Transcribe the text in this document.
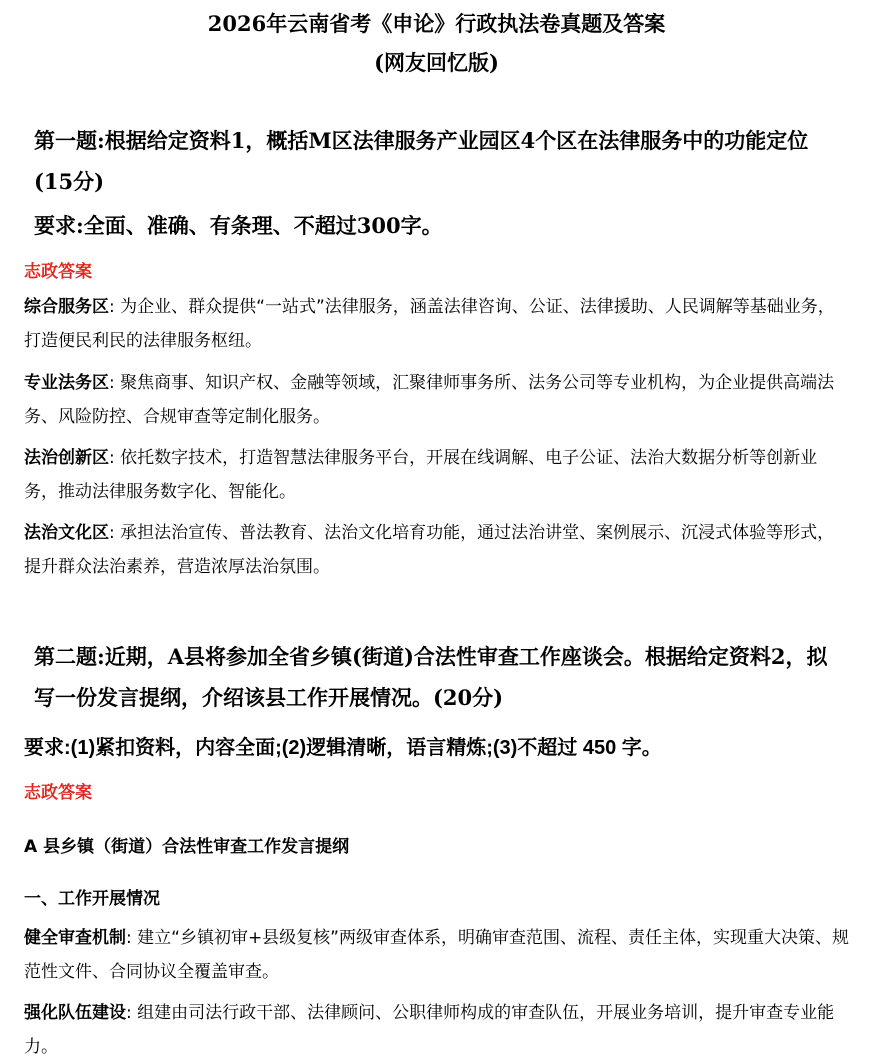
2026年云南省考《申论》行政执法卷真题及答案
(网友回忆版)
第一题:根据给定资料1，概括M区法律服务产业园区4个区在法律服务中的功能定位(15分)
要求:全面、准确、有条理、不超过300字。
志政答案
综合服务区: 为企业、群众提供“一站式”法律服务，涵盖法律咨询、公证、法律援助、人民调解等基础业务，打造便民利民的法律服务枢纽。
专业法务区: 聚焦商事、知识产权、金融等领域，汇聚律师事务所、法务公司等专业机构，为企业提供高端法务、风险防控、合规审查等定制化服务。
法治创新区: 依托数字技术，打造智慧法律服务平台，开展在线调解、电子公证、法治大数据分析等创新业务，推动法律服务数字化、智能化。
法治文化区: 承担法治宣传、普法教育、法治文化培育功能，通过法治讲堂、案例展示、沉浸式体验等形式，提升群众法治素养，营造浓厚法治氛围。
第二题:近期，A县将参加全省乡镇(街道)合法性审查工作座谈会。根据给定资料2，拟写一份发言提纲，介绍该县工作开展情况。(20分)
要求:(1)紧扣资料，内容全面;(2)逻辑清晰，语言精炼;(3)不超过 450 字。
志政答案
A 县乡镇（街道）合法性审查工作发言提纲
一、工作开展情况
健全审查机制: 建立“乡镇初审+县级复核”两级审查体系，明确审查范围、流程、责任主体，实现重大决策、规范性文件、合同协议全覆盖审查。
强化队伍建设: 组建由司法行政干部、法律顾问、公职律师构成的审查队伍，开展业务培训，提升审查专业能力。
